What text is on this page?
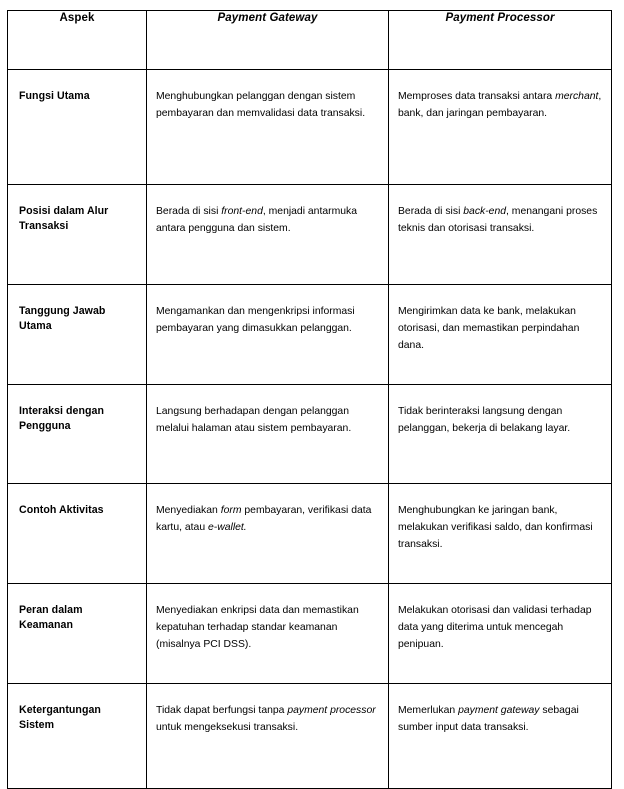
Aspek	Payment Gateway	Payment Processor

Fungsi Utama	Menghubungkan pelanggan dengan sistem pembayaran dan memvalidasi data transaksi.	Memproses data transaksi antara merchant, bank, dan jaringan pembayaran.

Posisi dalam Alur Transaksi	Berada di sisi front-end, menjadi antarmuka antara pengguna dan sistem.	Berada di sisi back-end, menangani proses teknis dan otorisasi transaksi.

Tanggung Jawab Utama	Mengamankan dan mengenkripsi informasi pembayaran yang dimasukkan pelanggan.	Mengirimkan data ke bank, melakukan otorisasi, dan memastikan perpindahan dana.

Interaksi dengan Pengguna	Langsung berhadapan dengan pelanggan melalui halaman atau sistem pembayaran.	Tidak berinteraksi langsung dengan pelanggan, bekerja di belakang layar.

Contoh Aktivitas	Menyediakan form pembayaran, verifikasi data kartu, atau e-wallet.	Menghubungkan ke jaringan bank, melakukan verifikasi saldo, dan konfirmasi transaksi.

Peran dalam Keamanan	Menyediakan enkripsi data dan memastikan kepatuhan terhadap standar keamanan (misalnya PCI DSS).	Melakukan otorisasi dan validasi terhadap data yang diterima untuk mencegah penipuan.

Ketergantungan Sistem	Tidak dapat berfungsi tanpa payment processor untuk mengeksekusi transaksi.	Memerlukan payment gateway sebagai sumber input data transaksi.
